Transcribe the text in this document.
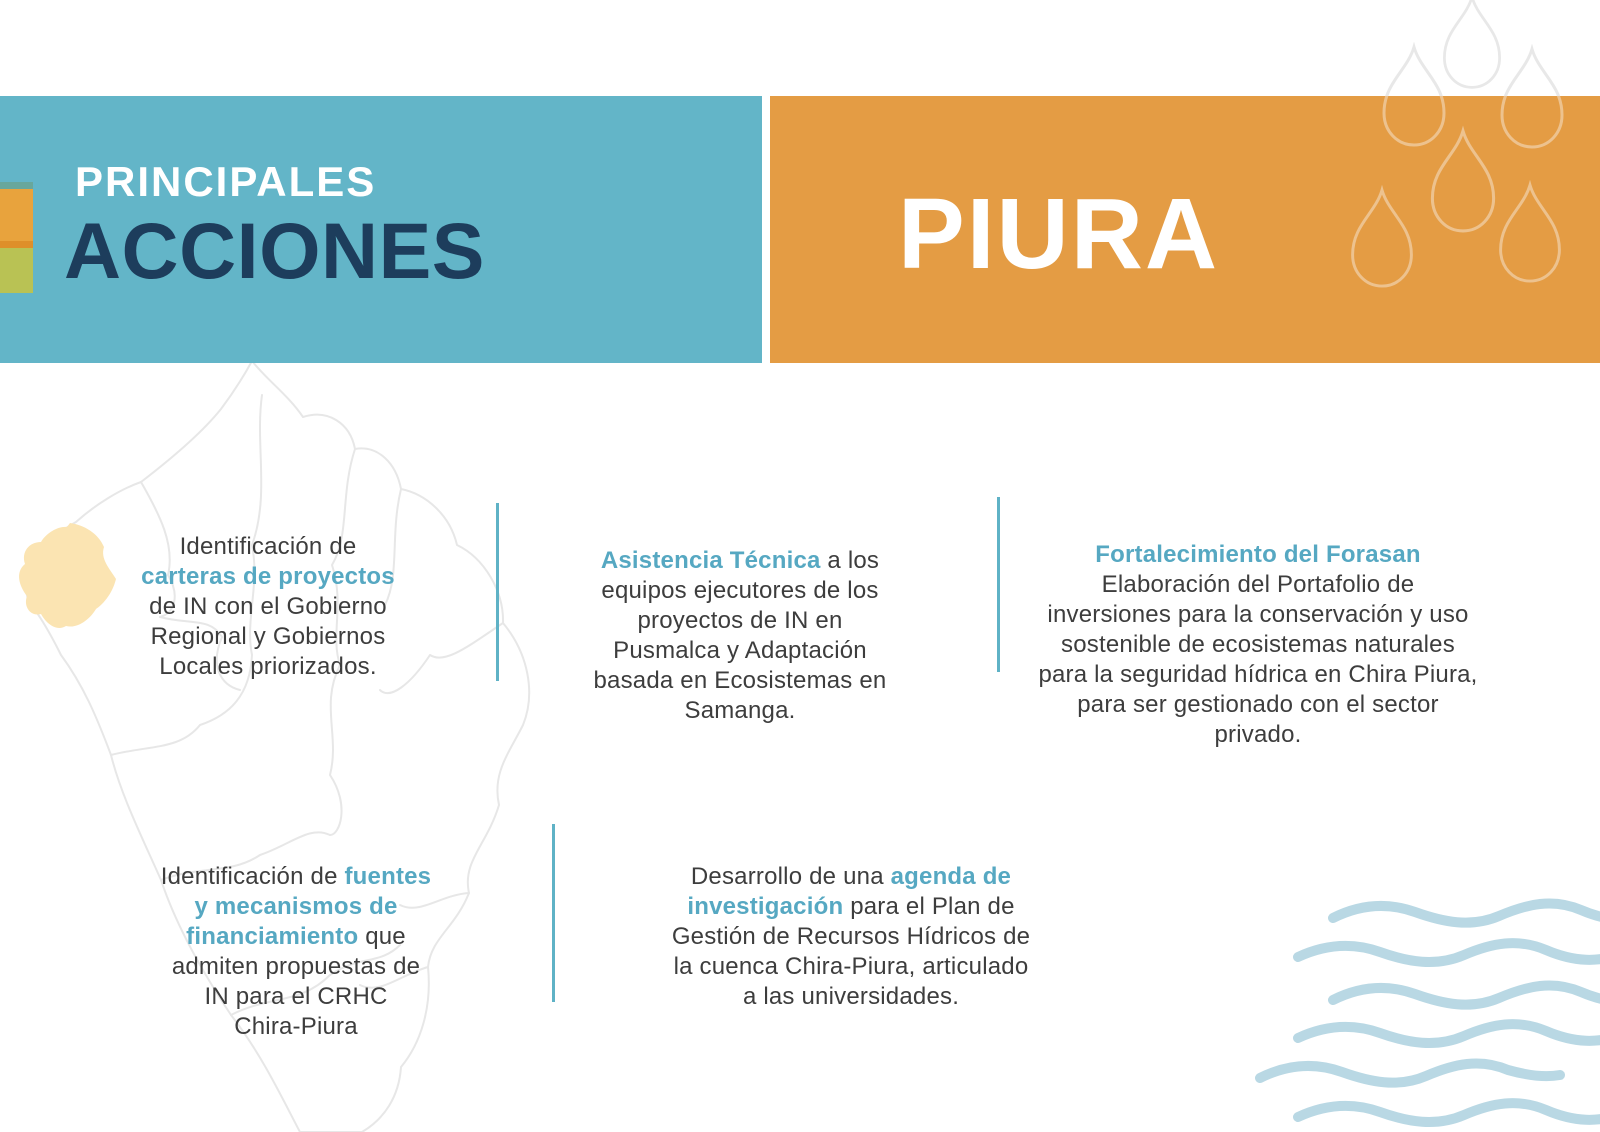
PRINCIPALES
ACCIONES	PIURA

Identificación de
carteras de proyectos
de IN con el Gobierno
Regional y Gobiernos
Locales priorizados.

Asistencia Técnica a los
equipos ejecutores de los
proyectos de IN en
Pusmalca y Adaptación
basada en Ecosistemas en
Samanga.

Fortalecimiento del Forasan
Elaboración del Portafolio de
inversiones para la conservación y uso
sostenible de ecosistemas naturales
para la seguridad hídrica en Chira Piura,
para ser gestionado con el sector
privado.

Identificación de fuentes
y mecanismos de
financiamiento que
admiten propuestas de
IN para el CRHC
Chira-Piura

Desarrollo de una agenda de
investigación para el Plan de
Gestión de Recursos Hídricos de
la cuenca Chira-Piura, articulado
a las universidades.
